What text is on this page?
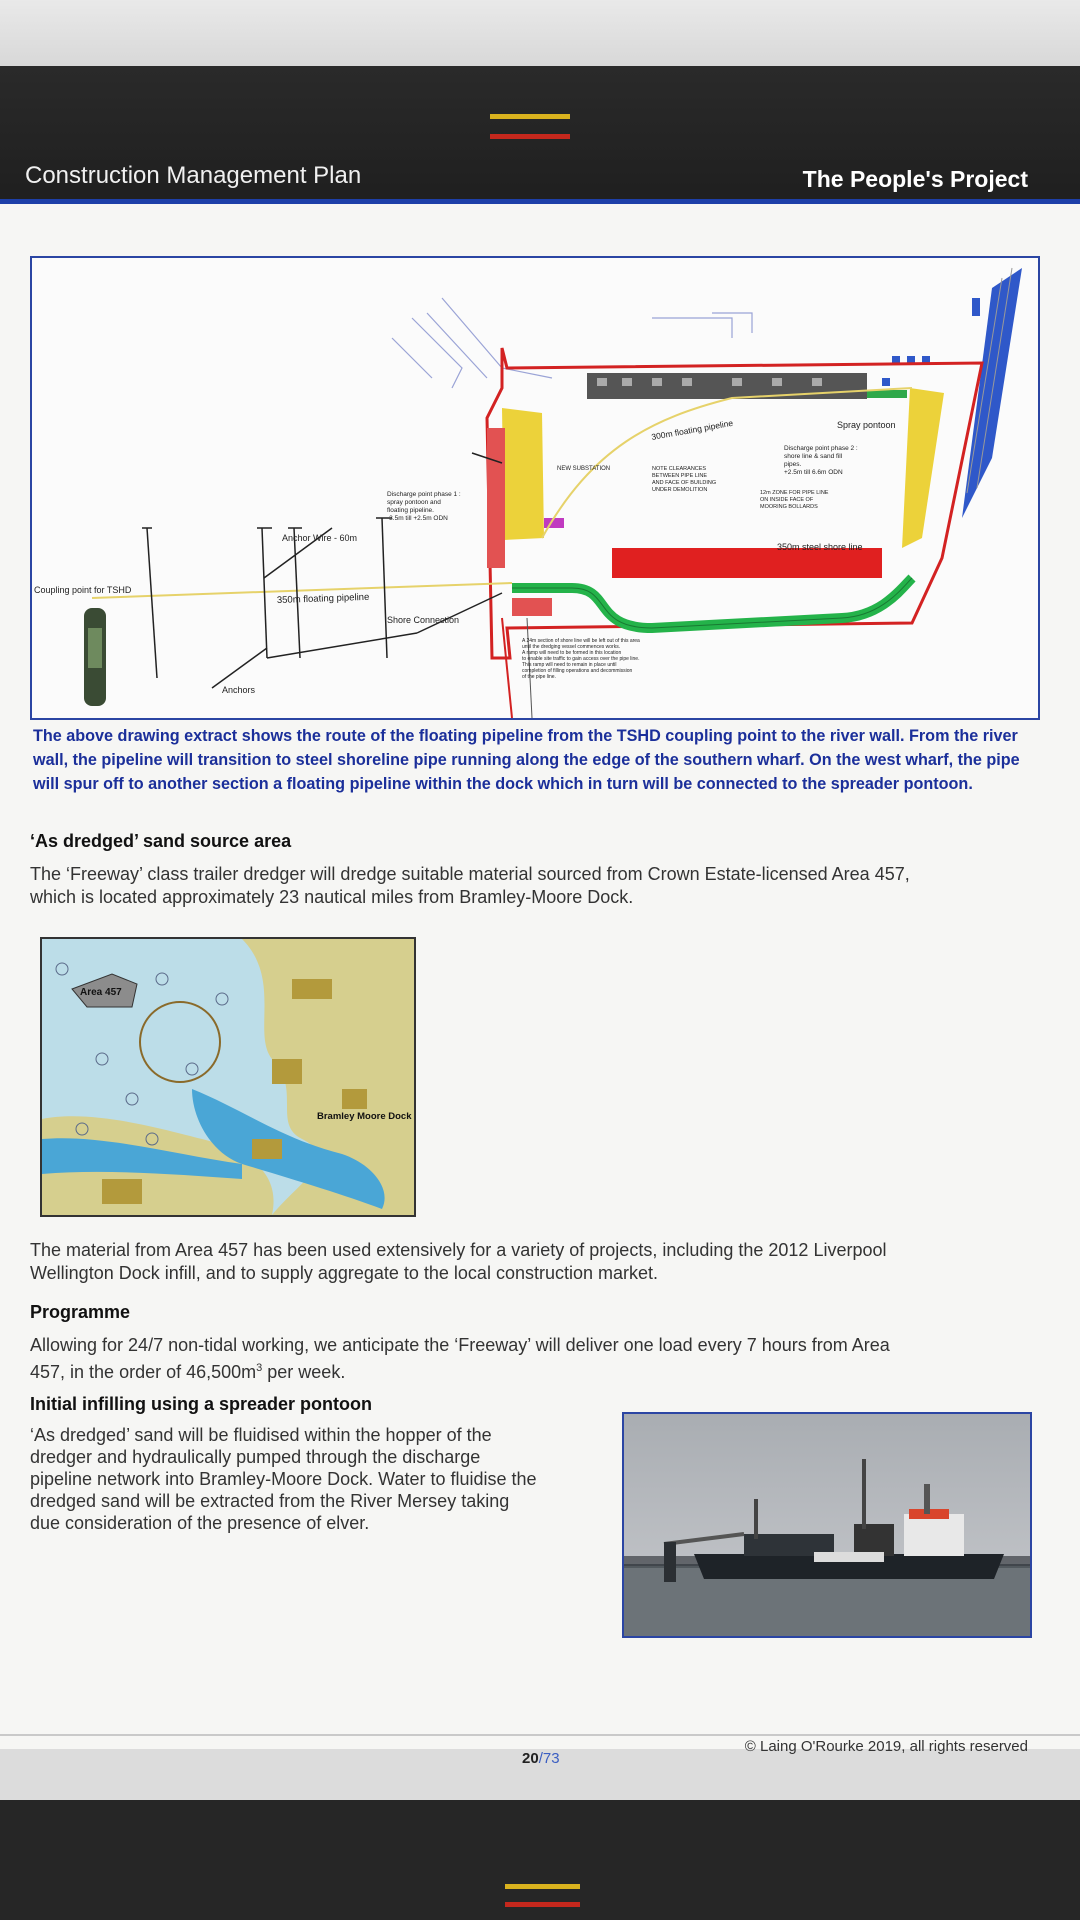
Construction Management Plan	The People's Project
Coupling point for TSHD
350m floating pipeline
300m floating pipeline
Anchor Wire - 60m
Anchors
Shore Connection
Spray pontoon
350m steel shore line
NEW SUBSTATION
Discharge point phase 1 :
spray pontoon and
floating pipeline.
-3.5m till +2.5m ODN
Discharge point phase 2 :
shore line & sand fill
pipes.
+2.5m till 6.6m ODN
NOTE CLEARANCES
BETWEEN PIPE LINE
AND FACE OF BUILDING
UNDER DEMOLITION	12m ZONE FOR PIPE LINE
ON INSIDE FACE OF
MOORING BOLLARDS
A 24m section of shore line will be left out of this area
until the dredging vessel commences works.
A ramp will need to be formed in this location
to enable site traffic to gain access over the pipe line.
This ramp will need to remain in place until
completion of filling operations and decommission
of the pipe line.
The above drawing extract shows the route of the floating pipeline from the TSHD coupling point to the river wall. From the river wall, the pipeline will transition to steel shoreline pipe running along the edge of the southern wharf. On the west wharf, the pipe will spur off to another section a floating pipeline within the dock which in turn will be connected to the spreader pontoon.
‘As dredged’ sand source area
The ‘Freeway’ class trailer dredger will dredge suitable material sourced from Crown Estate-licensed Area 457,
which is located approximately 23 nautical miles from Bramley-Moore Dock.
Area 457
Bramley Moore Dock
The material from Area 457 has been used extensively for a variety of projects, including the 2012 Liverpool
Wellington Dock infill, and to supply aggregate to the local construction market.
Programme
Allowing for 24/7 non-tidal working, we anticipate the ‘Freeway’ will deliver one load every 7 hours from Area
457, in the order of $46,500m^3$ per week.
Initial infilling using a spreader pontoon
‘As dredged’ sand will be fluidised within the hopper of the
dredger and hydraulically pumped through the discharge
pipeline network into Bramley-Moore Dock. Water to fluidise the
dredged sand will be extracted from the River Mersey taking
due consideration of the presence of elver.
20/73
© Laing O'Rourke 2019, all rights reserved
